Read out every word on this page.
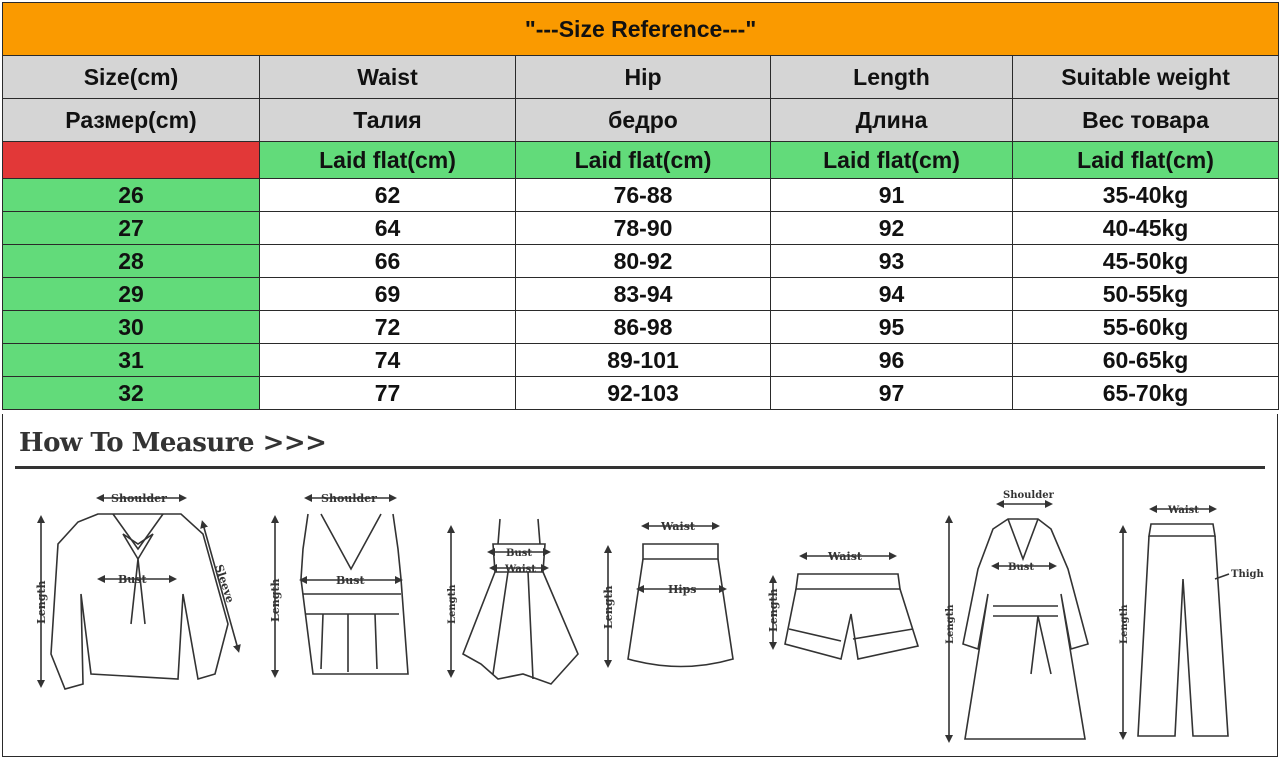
"---Size Reference---"				
Size(cm)	Waist	Hip	Length	Suitable weight
Размер(cm)	Талия	бедро	Длина	Вес товара
	Laid flat(cm)	Laid flat(cm)	Laid flat(cm)	Laid flat(cm)
26	62	76-88	91	35-40kg
27	64	78-90	92	40-45kg
28	66	80-92	93	45-50kg
29	69	83-94	94	50-55kg
30	72	86-98	95	55-60kg
31	74	89-101	96	60-65kg
32	77	92-103	97	65-70kg
How To Measure >>>
Shoulder
Bust
Length	Sleeve
Shoulder
Bust
Length
Bust
Waist
Length
Waist
Hips
Length
Waist
Length
Shoulder
Bust
Length
Waist
Thigh
Length
